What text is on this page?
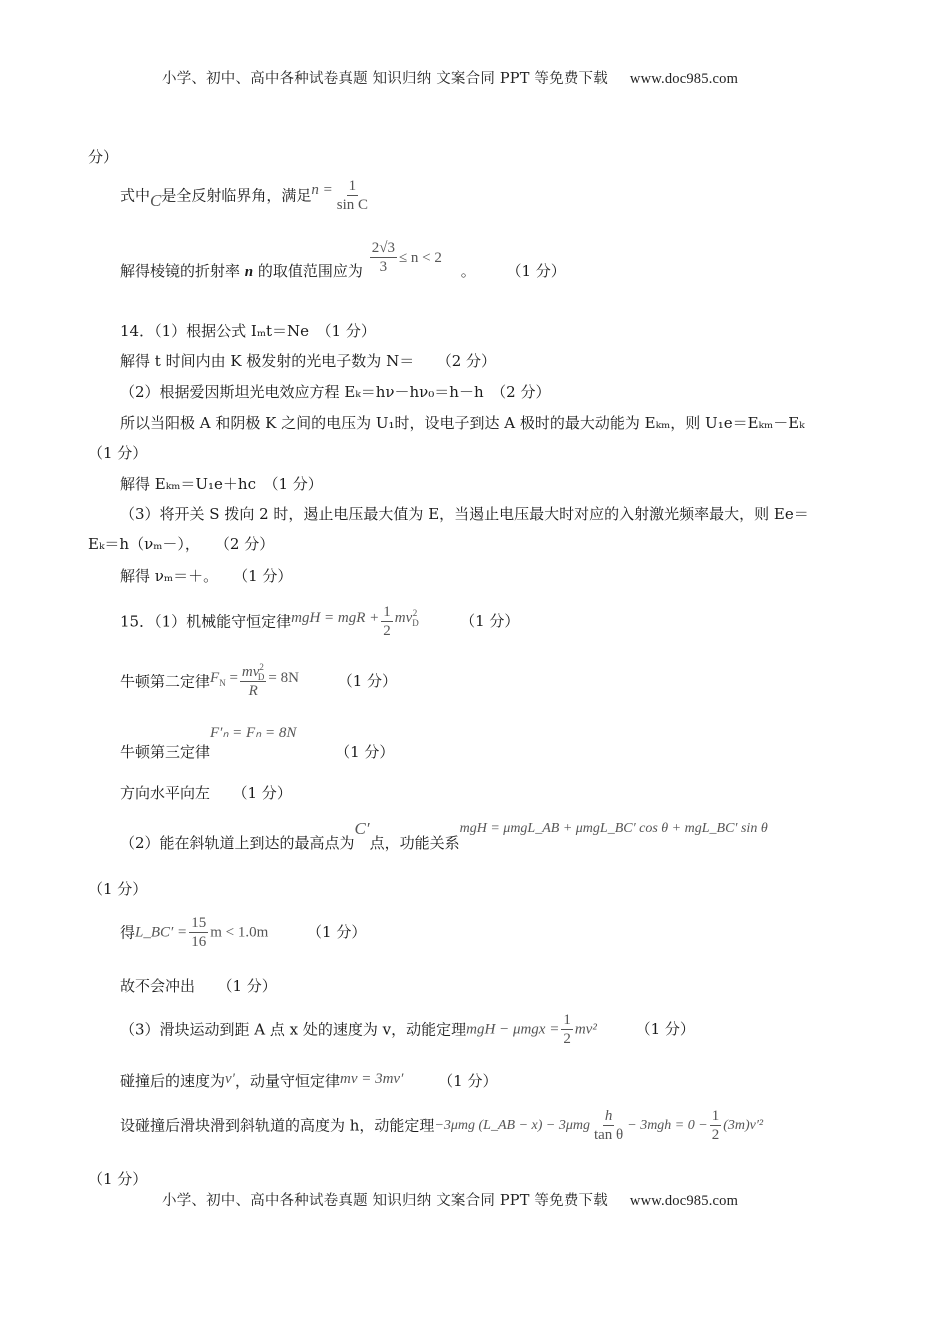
小学、初中、高中各种试卷真题 知识归纳 文案合同 PPT 等免费下载 www.doc985.com
分）
式中C是全反射临界角，满足$n = \frac{1}{\text{sin C}}$
解得棱镜的折射率 n 的取值范围应为 $\frac{2√3}{3} \le n < 2$ 。 （1 分）
14．（1）根据公式 Iₘt＝Ne　（1 分）
解得 t 时间内由 K 极发射的光电子数为 N＝　　（2 分）
（2）根据爱因斯坦光电效应方程 Eₖ＝hν－hν₀＝h－h　（2 分）
所以当阳极 A 和阴极 K 之间的电压为 U₁时，设电子到达 A 极时的最大动能为 Eₖₘ，则 U₁e＝Eₖₘ－Eₖ
（1 分）
解得 Eₖₘ＝U₁e＋hc　（1 分）
（3）将开关 S 拨向 2 时，遏止电压最大值为 E，当遏止电压最大时对应的入射激光频率最大，则 Ee＝
Eₖ＝h（νₘ－），　　（2 分）
解得 νₘ＝＋。　　（1 分）
15．（1）机械能守恒定律mgH = mgR + $\frac{1}{2} mv_D^2$	（1 分）
牛顿第二定律$F_N = \frac{mv^2_D}{R} = 8N$	（1 分）
牛顿第三定律F′ₙ = Fₙ = 8N （1 分）
方向水平向左　　（1 分）
（2）能在斜轨道上到达的最高点为C′点，功能关系mgH = μmgL_AB + μmgL_BC′ cos θ + mgL_BC′ sin θ
（1 分）
得L_BC′ = $\frac{15}{16}$ m < 1.0m	（1 分）
故不会冲出　　（1 分）
（3）滑块运动到距 A 点 x 处的速度为 v，动能定理mgH − $\mu mgx = \frac{1}{2} mv^2$	（1 分）
碰撞后的速度为v′，动量守恒定律mv = 3mv′ （1 分）
设碰撞后滑块滑到斜轨道的高度为 h，动能定理−3μmg (L_AB − $x) - 3\mu mg \frac{h}{\text{tan θ}} - 3mgh = 0 - \frac{1}{2} (3m)v'^2$
（1 分）
小学、初中、高中各种试卷真题 知识归纳 文案合同 PPT 等免费下载 www.doc985.com
